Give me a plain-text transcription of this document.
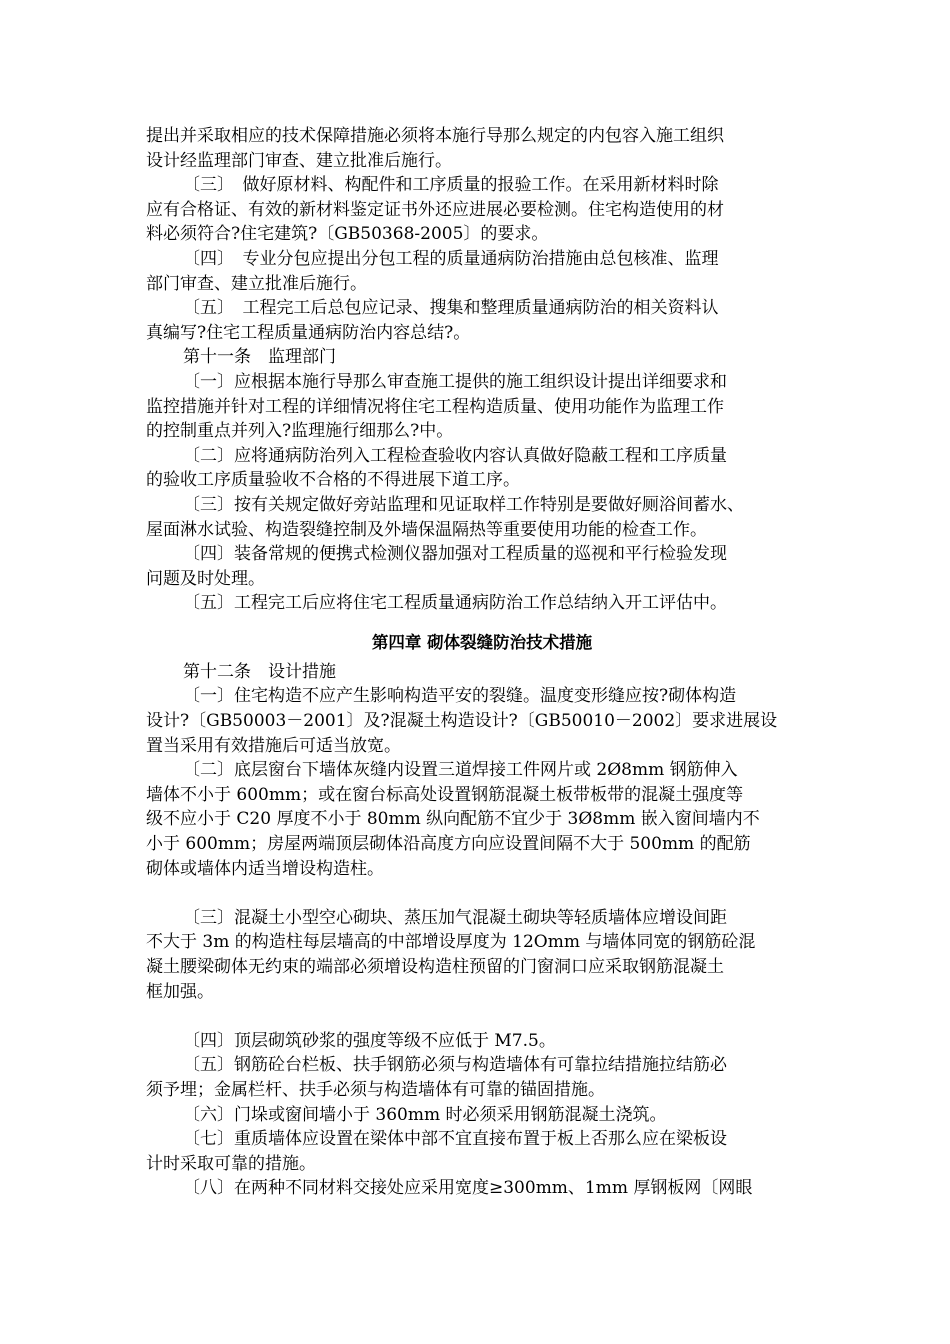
提出并采取相应的技术保障措施必须将本施行导那么规定的内包容入施工组织
设计经监理部门审查、建立批准后施行。
〔三〕　做好原材料、构配件和工序质量的报验工作。在采用新材料时除
应有合格证、有效的新材料鉴定证书外还应进展必要检测。住宅构造使用的材
料必须符合?住宅建筑?〔GB50368-2005〕的要求。
〔四〕　专业分包应提出分包工程的质量通病防治措施由总包核准、监理
部门审查、建立批准后施行。
〔五〕　工程完工后总包应记录、搜集和整理质量通病防治的相关资料认
真编写?住宅工程质量通病防治内容总结?。
第十一条　监理部门
〔一〕应根据本施行导那么审查施工提供的施工组织设计提出详细要求和
监控措施并针对工程的详细情况将住宅工程构造质量、使用功能作为监理工作
的控制重点并列入?监理施行细那么?中。
〔二〕应将通病防治列入工程检查验收内容认真做好隐蔽工程和工序质量
的验收工序质量验收不合格的不得进展下道工序。
〔三〕按有关规定做好旁站监理和见证取样工作特别是要做好厕浴间蓄水、
屋面淋水试验、构造裂缝控制及外墙保温隔热等重要使用功能的检查工作。
〔四〕装备常规的便携式检测仪器加强对工程质量的巡视和平行检验发现
问题及时处理。
〔五〕工程完工后应将住宅工程质量通病防治工作总结纳入开工评估中。
第四章 砌体裂缝防治技术措施
第十二条　设计措施
〔一〕住宅构造不应产生影响构造平安的裂缝。温度变形缝应按?砌体构造
设计?〔GB50003－2001〕及?混凝土构造设计?〔GB50010－2002〕要求进展设
置当采用有效措施后可适当放宽。
〔二〕底层窗台下墙体灰缝内设置三道焊接工件网片或 2Ø8mm 钢筋伸入
墙体不小于 600mm；或在窗台标高处设置钢筋混凝土板带板带的混凝土强度等
级不应小于 C20 厚度不小于 80mm 纵向配筋不宜少于 3Ø8mm 嵌入窗间墙内不
小于 600mm；房屋两端顶层砌体沿高度方向应设置间隔不大于 500mm 的配筋
砌体或墙体内适当增设构造柱。
〔三〕混凝土小型空心砌块、蒸压加气混凝土砌块等轻质墙体应增设间距
不大于 3m 的构造柱每层墙高的中部增设厚度为 12Omm 与墙体同宽的钢筋砼混
凝土腰梁砌体无约束的端部必须增设构造柱预留的门窗洞口应采取钢筋混凝土
框加强。
〔四〕顶层砌筑砂浆的强度等级不应低于 M7.5。
〔五〕钢筋砼台栏板、扶手钢筋必须与构造墙体有可靠拉结措施拉结筋必
须予埋；金属栏杆、扶手必须与构造墙体有可靠的锚固措施。
〔六〕门垛或窗间墙小于 360mm 时必须采用钢筋混凝土浇筑。
〔七〕重质墙体应设置在梁体中部不宜直接布置于板上否那么应在梁板设
计时采取可靠的措施。
〔八〕在两种不同材料交接处应采用宽度≥300mm、1mm 厚钢板网〔网眼
